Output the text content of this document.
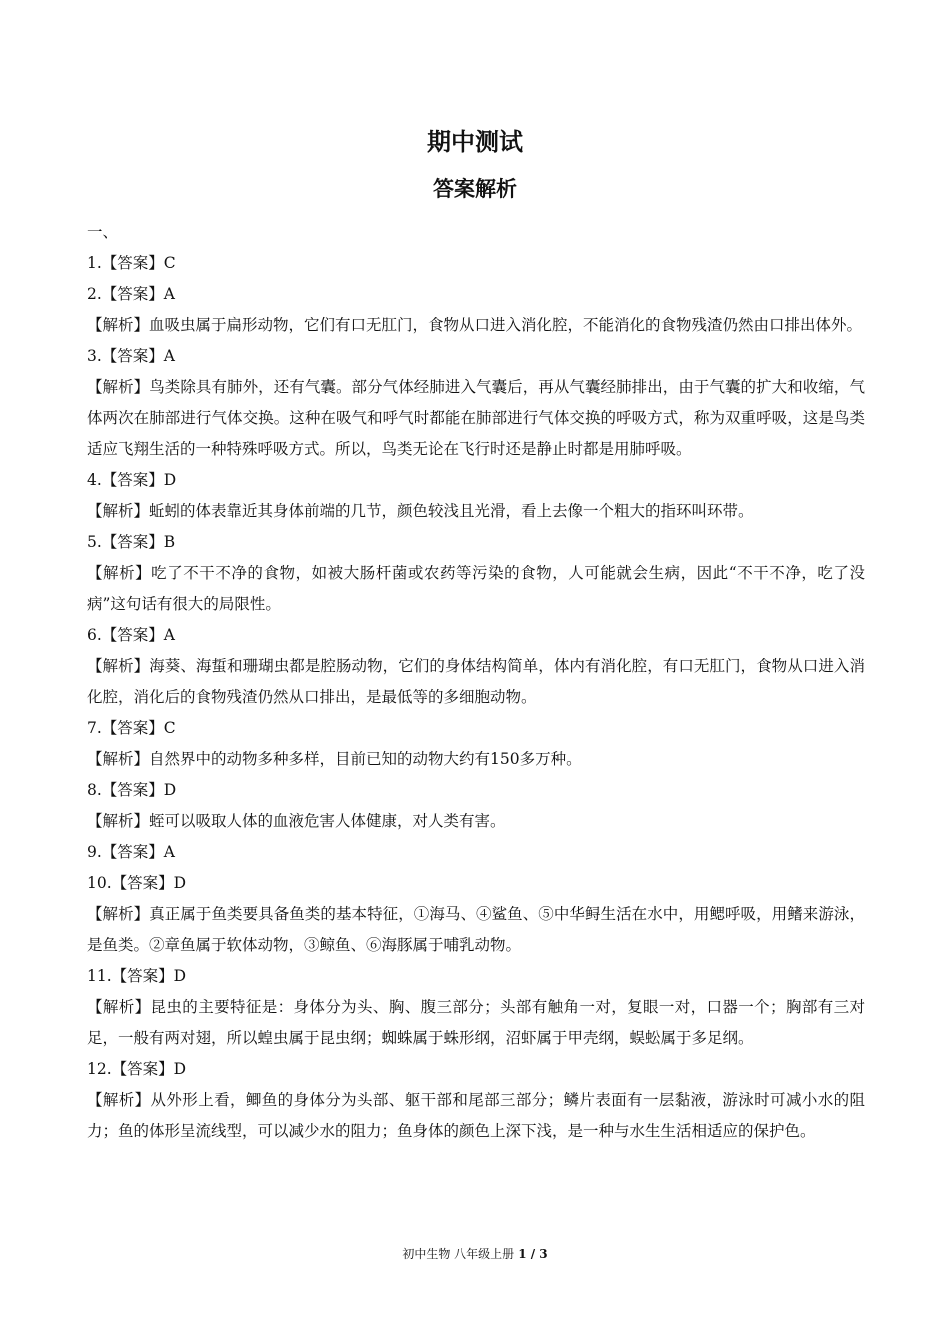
期中测试
答案解析

一、

1.【答案】C

2.【答案】A

【解析】血吸虫属于扁形动物，它们有口无肛门，食物从口进入消化腔，不能消化的食物残渣仍然由口排出体外。

3.【答案】A

【解析】鸟类除具有肺外，还有气囊。部分气体经肺进入气囊后，再从气囊经肺排出，由于气囊的扩大和收缩，气体两次在肺部进行气体交换。这种在吸气和呼气时都能在肺部进行气体交换的呼吸方式，称为双重呼吸，这是鸟类适应飞翔生活的一种特殊呼吸方式。所以，鸟类无论在飞行时还是静止时都是用肺呼吸。

4.【答案】D

【解析】蚯蚓的体表靠近其身体前端的几节，颜色较浅且光滑，看上去像一个粗大的指环叫环带。

5.【答案】B

【解析】吃了不干不净的食物，如被大肠杆菌或农药等污染的食物，人可能就会生病，因此“不干不净，吃了没病”这句话有很大的局限性。

6.【答案】A

【解析】海葵、海蜇和珊瑚虫都是腔肠动物，它们的身体结构简单，体内有消化腔，有口无肛门，食物从口进入消化腔，消化后的食物残渣仍然从口排出，是最低等的多细胞动物。

7.【答案】C

【解析】自然界中的动物多种多样，目前已知的动物大约有150多万种。

8.【答案】D

【解析】蛭可以吸取人体的血液危害人体健康，对人类有害。

9.【答案】A

10.【答案】D

【解析】真正属于鱼类要具备鱼类的基本特征，①海马、④鲨鱼、⑤中华鲟生活在水中，用鳃呼吸，用鳍来游泳，是鱼类。②章鱼属于软体动物，③鲸鱼、⑥海豚属于哺乳动物。

11.【答案】D

【解析】昆虫的主要特征是：身体分为头、胸、腹三部分；头部有触角一对，复眼一对，口器一个；胸部有三对足，一般有两对翅，所以蝗虫属于昆虫纲；蜘蛛属于蛛形纲，沼虾属于甲壳纲，蜈蚣属于多足纲。

12.【答案】D

【解析】从外形上看，鲫鱼的身体分为头部、躯干部和尾部三部分；鳞片表面有一层黏液，游泳时可减小水的阻力；鱼的体形呈流线型，可以减少水的阻力；鱼身体的颜色上深下浅，是一种与水生生活相适应的保护色。

初中生物 八年级上册 1 / 3
